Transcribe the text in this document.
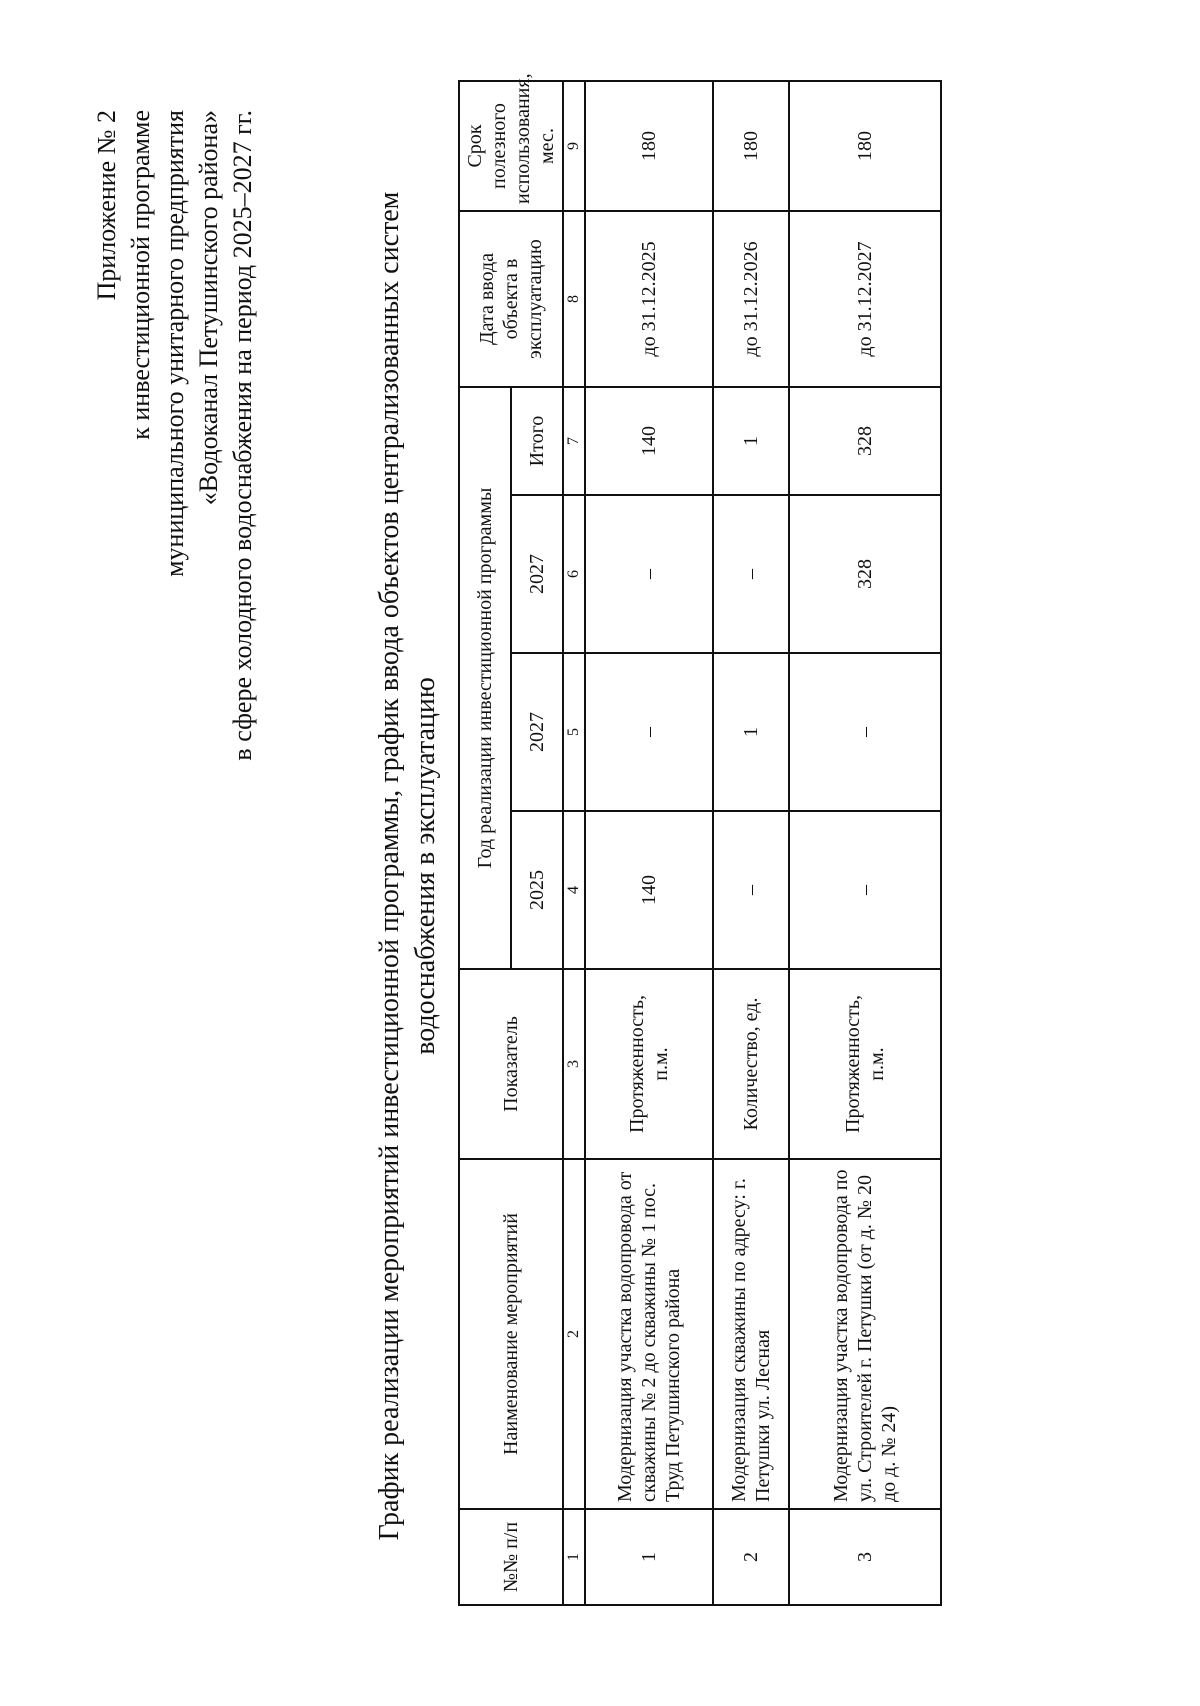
Приложение № 2 к инвестиционной программе муниципального унитарного предприятия «Водоканал Петушинского района» в сфере холодного водоснабжения на период 2025–2027 гг.	График реализации мероприятий инвестиционной программы, график ввода объектов централизованных систем водоснабжения в эксплуатацию
№№ п/п	Наименование мероприятий	Показатель	Год реализации инвестиционной программы				Дата ввода объекта в эксплуатацию	Срок полезного использования, мес.
			2025	2027	2027	Итого		
1	2	3	4	5	6	7	8	9
1	Модернизация участка водопровода от скважины № 2 до скважины № 1 пос. Труд Петушинского района	Протяженность, п.м.	140	–	–	140	до 31.12.2025	180
2	Модернизация скважины по адресу: г. Петушки ул. Лесная	Количество, ед.	–	1	–	1	до 31.12.2026	180
3	Модернизация участка водопровода по ул. Строителей г. Петушки (от д. № 20 до д. № 24)	Протяженность, п.м.	–	–	328	328	до 31.12.2027	180
